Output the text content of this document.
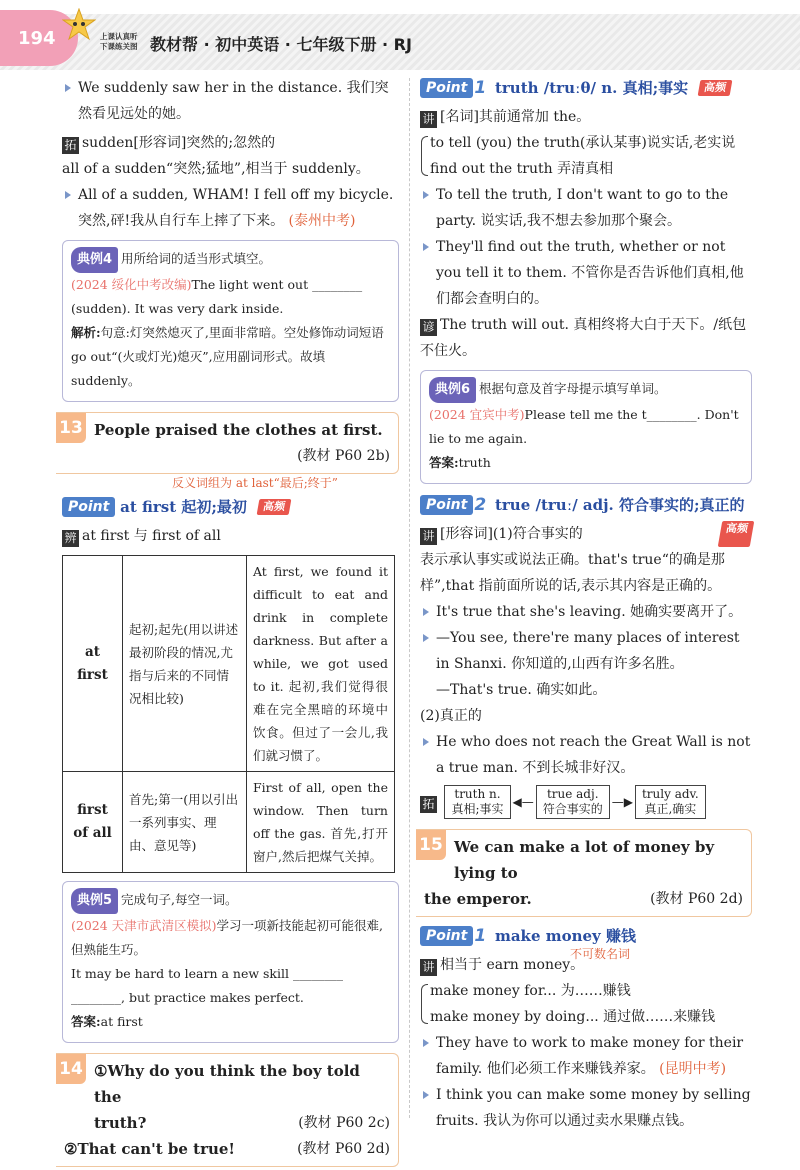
194	上课认真听
下课练关图 教材帮 · 初中英语 · 七年级下册 · RJ
We suddenly saw her in the distance. 我们突然看见远处的她。
拓 sudden[形容词]突然的;忽然的
all of a sudden“突然;猛地”,相当于 suddenly。
All of a sudden, WHAM! I fell off my bicycle. 突然,砰!我从自行车上摔了下来。 (泰州中考)
典例4 用所给词的适当形式填空。
(2024 绥化中考改编)The light went out ________
(sudden). It was very dark inside.
解析:句意:灯突然熄灭了,里面非常暗。空处修饰动词短语 go out“(火或灯光)熄灭”,应用副词形式。故填 suddenly。
13 People praised the clothes at first.
(教材 P60 2b)
反义词组为 at last“最后;终于”
Point at first 起初;最初 高频
辨 at first 与 first of all
at first	起初;起先(用以讲述最初阶段的情况,尤指与后来的不同情况相比较)	At first, we found it difficult to eat and drink in complete darkness. But after a while, we got used to it. 起初,我们觉得很难在完全黑暗的环境中饮食。但过了一会儿,我们就习惯了。
first of all	首先;第一(用以引出一系列事实、理由、意见等)	First of all, open the window. Then turn off the gas. 首先,打开窗户,然后把煤气关掉。
典例5 完成句子,每空一词。
(2024 天津市武清区模拟)学习一项新技能起初可能很难,但熟能生巧。
It may be hard to learn a new skill ________
________, but practice makes perfect.
答案:at first
14 ①Why do you think the boy told the
truth?	(教材 P60 2c)
②That can't be true!	(教材 P60 2d)
Point 1 truth /truːθ/ n. 真相;事实 高频
讲 [名词]其前通常加 the。
to tell (you) the truth(承认某事)说实话,老实说
find out the truth 弄清真相
To tell the truth, I don't want to go to the party. 说实话,我不想去参加那个聚会。
They'll find out the truth, whether or not you tell it to them. 不管你是否告诉他们真相,他们都会查明白的。
谚 The truth will out. 真相终将大白于天下。/纸包不住火。
典例6 根据句意及首字母提示填写单词。
(2024 宜宾中考)Please tell me the t________. Don't
lie to me again.
答案:truth
Point 2 true /truː/ adj. 符合事实的;真正的
讲 [形容词](1)符合事实的	高频
表示承认事实或说法正确。that's true“的确是那样”,that 指前面所说的话,表示其内容是正确的。
It's true that she's leaving. 她确实要离开了。
—You see, there're many places of interest in Shanxi. 你知道的,山西有许多名胜。
—That's true. 确实如此。
(2)真正的
He who does not reach the Great Wall is not a true man. 不到长城非好汉。
拓 truth n.
真相;事实 ◀—true adj.
符合事实的 —▶truly adv.
真正,确实
15 We can make a lot of money by lying to
the emperor.	(教材 P60 2d)
Point 1 make money 赚钱
不可数名词
讲 相当于 earn money。
make money for... 为……赚钱
make money by doing... 通过做……来赚钱
They have to work to make money for their family. 他们必须工作来赚钱养家。 (昆明中考)
I think you can make some money by selling fruits. 我认为你可以通过卖水果赚点钱。
